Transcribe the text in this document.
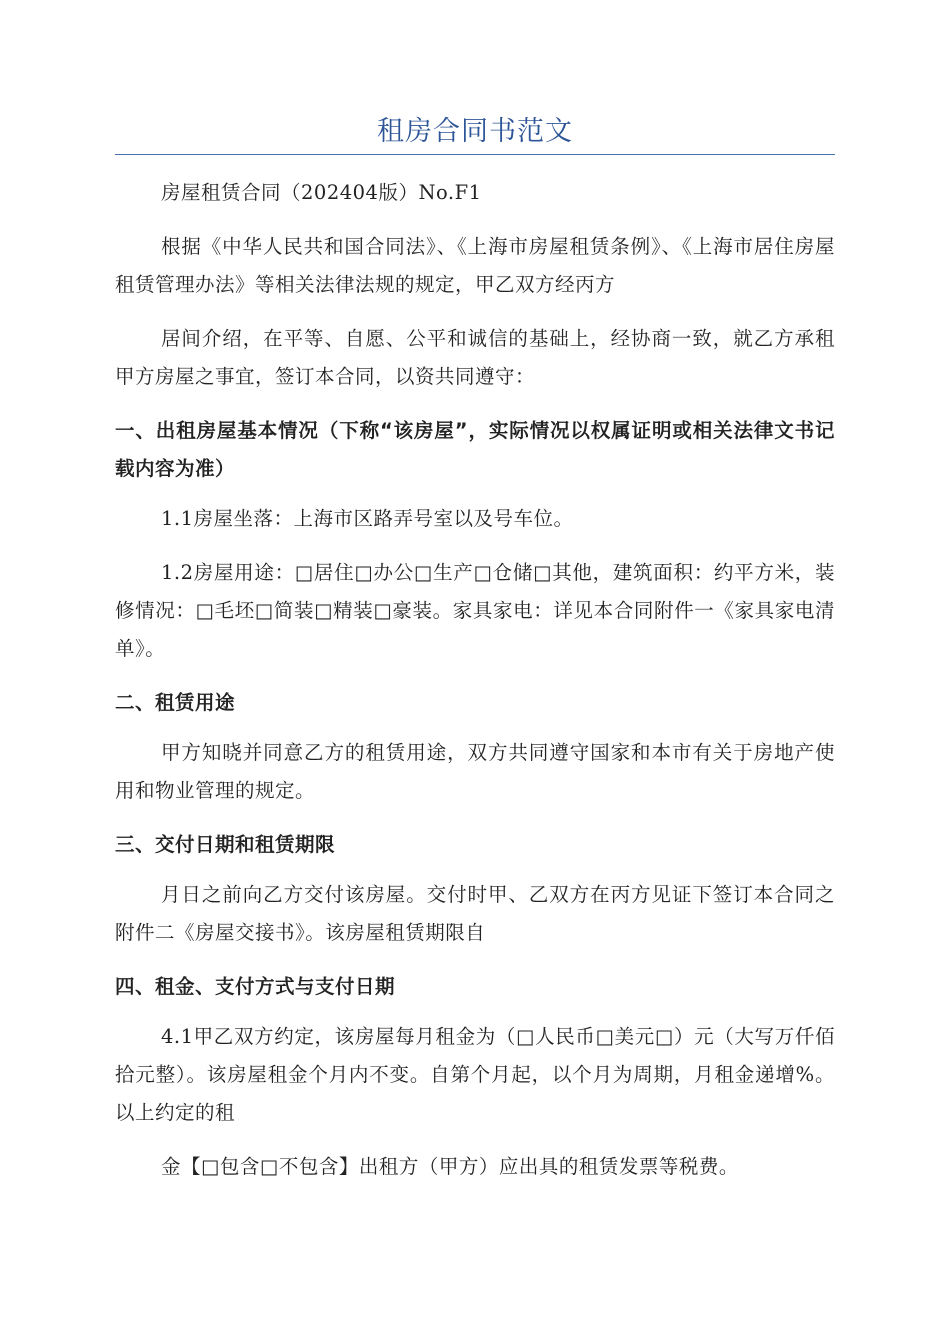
租房合同书范文

房屋租赁合同（202404版）No.F1

根据《中华人民共和国合同法》、《上海市房屋租赁条例》、《上海市居住房屋租赁管理办法》等相关法律法规的规定，甲乙双方经丙方

居间介绍，在平等、自愿、公平和诚信的基础上，经协商一致，就乙方承租甲方房屋之事宜，签订本合同，以资共同遵守：

一、出租房屋基本情况（下称“该房屋”，实际情况以权属证明或相关法律文书记载内容为准）

1.1房屋坐落：上海市区路弄号室以及号车位。

1.2房屋用途：□居住□办公□生产□仓储□其他，建筑面积：约平方米，装修情况：□毛坯□简装□精装□豪装。家具家电：详见本合同附件一《家具家电清单》。

二、租赁用途

甲方知晓并同意乙方的租赁用途，双方共同遵守国家和本市有关于房地产使用和物业管理的规定。

三、交付日期和租赁期限

月日之前向乙方交付该房屋。交付时甲、乙双方在丙方见证下签订本合同之附件二《房屋交接书》。该房屋租赁期限自

四、租金、支付方式与支付日期

4.1甲乙双方约定，该房屋每月租金为（□人民币□美元□）元（大写万仟佰拾元整）。该房屋租金个月内不变。自第个月起，以个月为周期，月租金递增%。以上约定的租

金【□包含□不包含】出租方（甲方）应出具的租赁发票等税费。
